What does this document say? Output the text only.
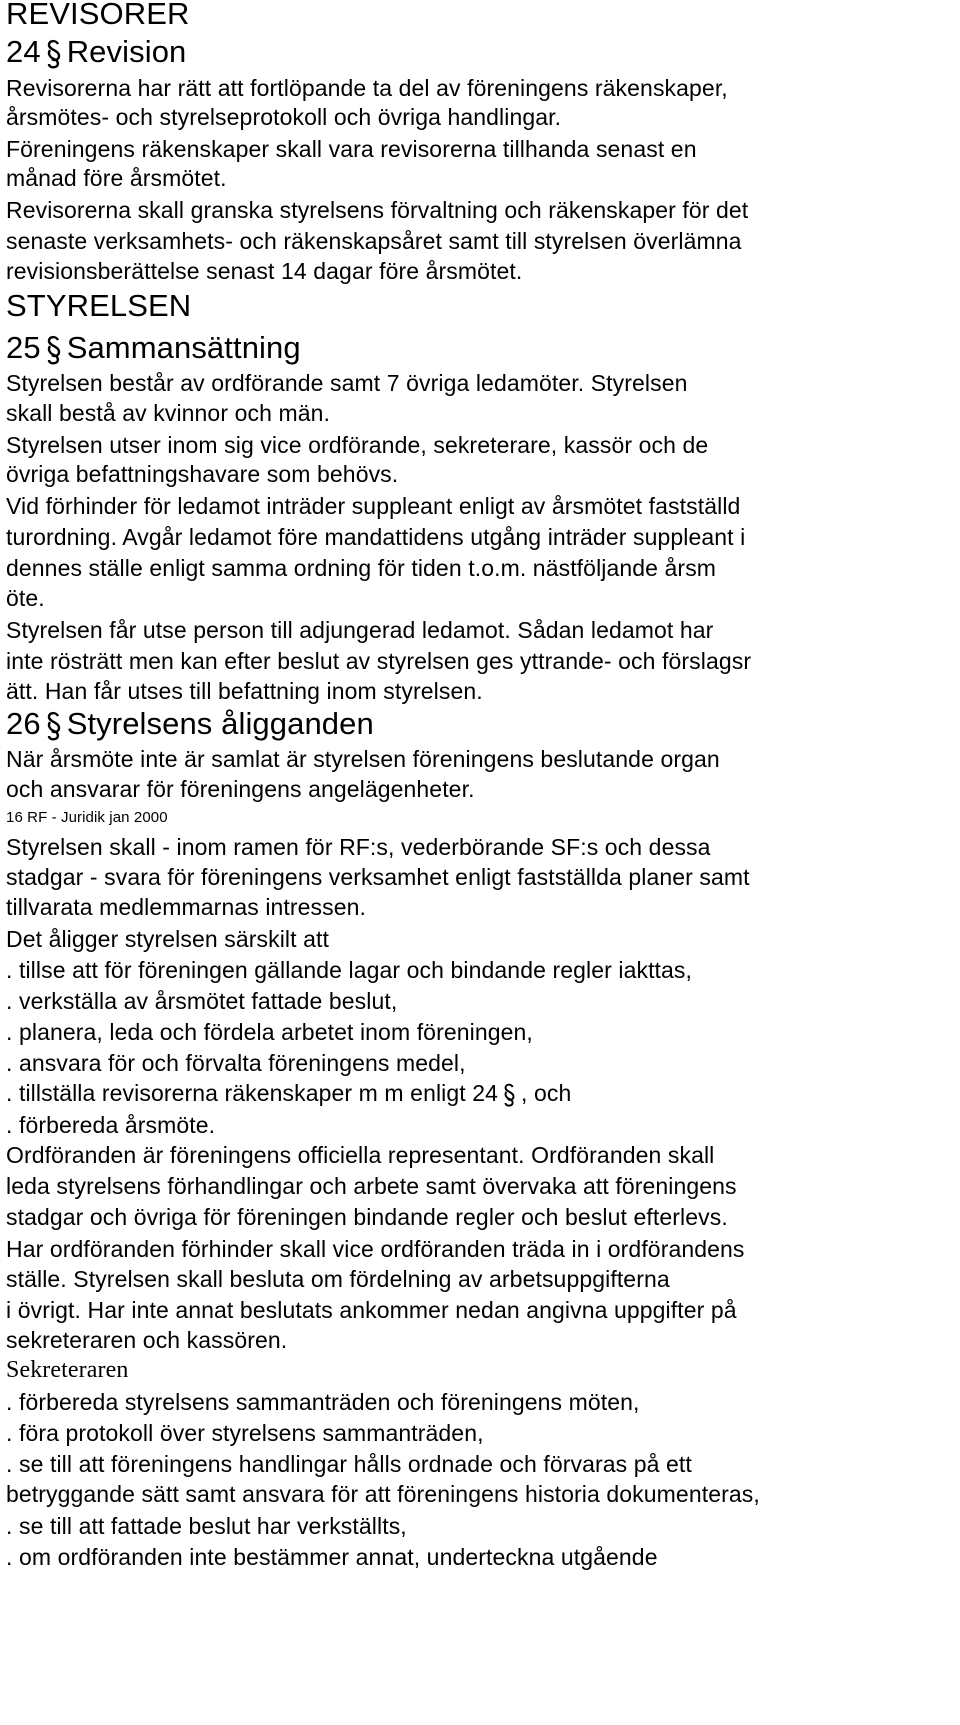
REVISORER
24 Revision
Revisorerna har rätt att fortlöpande ta del av föreningens räkenskaper,
årsmötes- och styrelseprotokoll och övriga handlingar.
Föreningens räkenskaper skall vara revisorerna tillhanda senast en
månad före årsmötet.
Revisorerna skall granska styrelsens förvaltning och räkenskaper för det
senaste verksamhets- och räkenskapsåret samt till styrelsen överlämna
revisionsberättelse senast 14 dagar före årsmötet.
STYRELSEN
25 Sammansättning
Styrelsen består av ordförande samt 7 övriga ledamöter. Styrelsen
skall bestå av kvinnor och män.
Styrelsen utser inom sig vice ordförande, sekreterare, kassör och de
övriga befattningshavare som behövs.
Vid förhinder för ledamot inträder suppleant enligt av årsmötet fastställd
turordning. Avgår ledamot före mandattidens utgång inträder suppleant i
dennes ställe enligt samma ordning för tiden t.o.m. nästföljande årsm
öte.
Styrelsen får utse person till adjungerad ledamot. Sådan ledamot har
inte rösträtt men kan efter beslut av styrelsen ges yttrande- och förslagsr
ätt. Han får utses till befattning inom styrelsen.
26 Styrelsens åligganden
När årsmöte inte är samlat är styrelsen föreningens beslutande organ
och ansvarar för föreningens angelägenheter.
16 RF - Juridik jan 2000
Styrelsen skall - inom ramen för RF:s, vederbörande SF:s och dessa
stadgar - svara för föreningens verksamhet enligt fastställda planer samt
tillvarata medlemmarnas intressen.
Det åligger styrelsen särskilt att
. tillse att för föreningen gällande lagar och bindande regler iakttas,
. verkställa av årsmötet fattade beslut,
. planera, leda och fördela arbetet inom föreningen,
. ansvara för och förvalta föreningens medel,
. tillställa revisorerna räkenskaper m m enligt 24 , och
. förbereda årsmöte.
Ordföranden är föreningens officiella representant. Ordföranden skall
leda styrelsens förhandlingar och arbete samt övervaka att föreningens
stadgar och övriga för föreningen bindande regler och beslut efterlevs.
Har ordföranden förhinder skall vice ordföranden träda in i ordförandens
ställe. Styrelsen skall besluta om fördelning av arbetsuppgifterna
i övrigt. Har inte annat beslutats ankommer nedan angivna uppgifter på
sekreteraren och kassören.
Sekreteraren
. förbereda styrelsens sammanträden och föreningens möten,
. föra protokoll över styrelsens sammanträden,
. se till att föreningens handlingar hålls ordnade och förvaras på ett
betryggande sätt samt ansvara för att föreningens historia dokumenteras,
. se till att fattade beslut har verkställts,
. om ordföranden inte bestämmer annat, underteckna utgående
